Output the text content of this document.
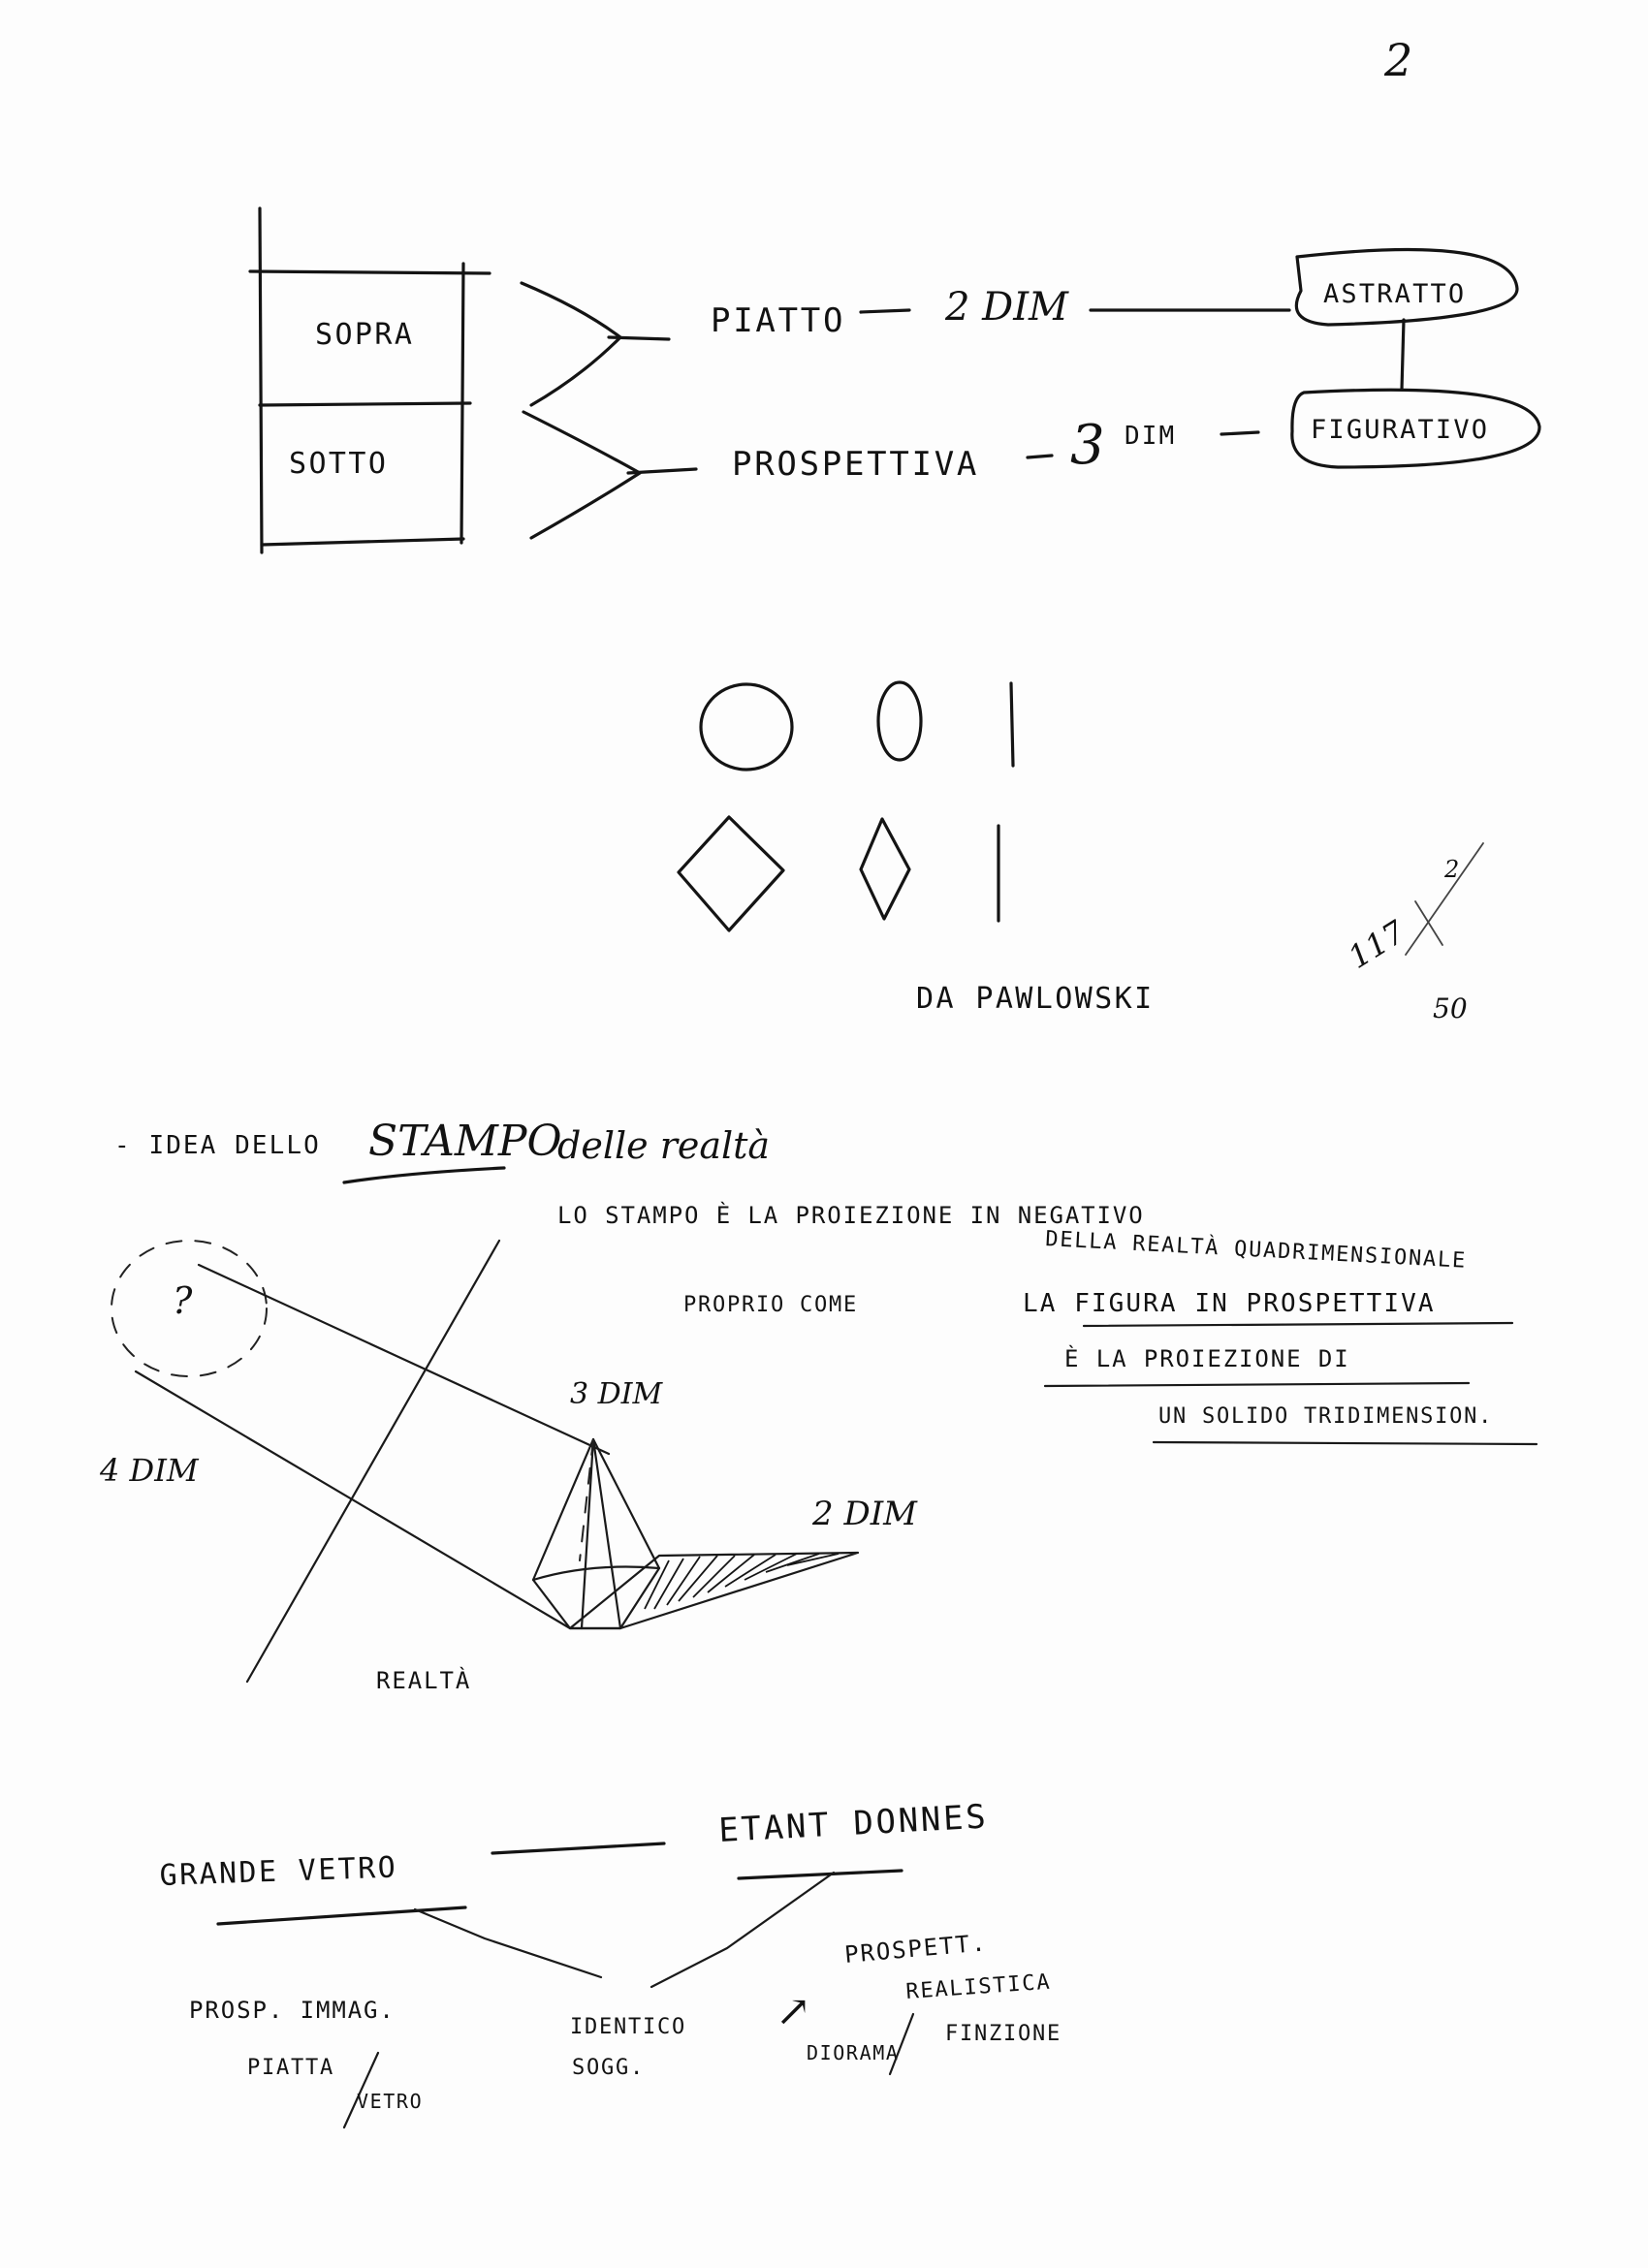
2
SOPRA
SOTTO
PIATTO	2 DIM	ASTRATTO
PROSPETTIVA 3 DIM	FIGURATIVO
DA PAWLOWSKI
117
2
50
- IDEA DELLO STAMPO
delle realtà
LO STAMPO È LA PROIEZIONE IN NEGATIVO
DELLA REALTÀ QUADRIMENSIONALE
PROPRIO COME	LA FIGURA IN PROSPETTIVA
È LA PROIEZIONE DI
UN SOLIDO TRIDIMENSION.
?
4 DIM
REALTÀ
3 DIM
2 DIM
GRANDE VETRO
ETANT DONNES
PROSP. IMMAG.
PIATTA
VETRO
IDENTICO
SOGG.
↗
PROSPETT.
REALISTICA
DIORAMA
FINZIONE
